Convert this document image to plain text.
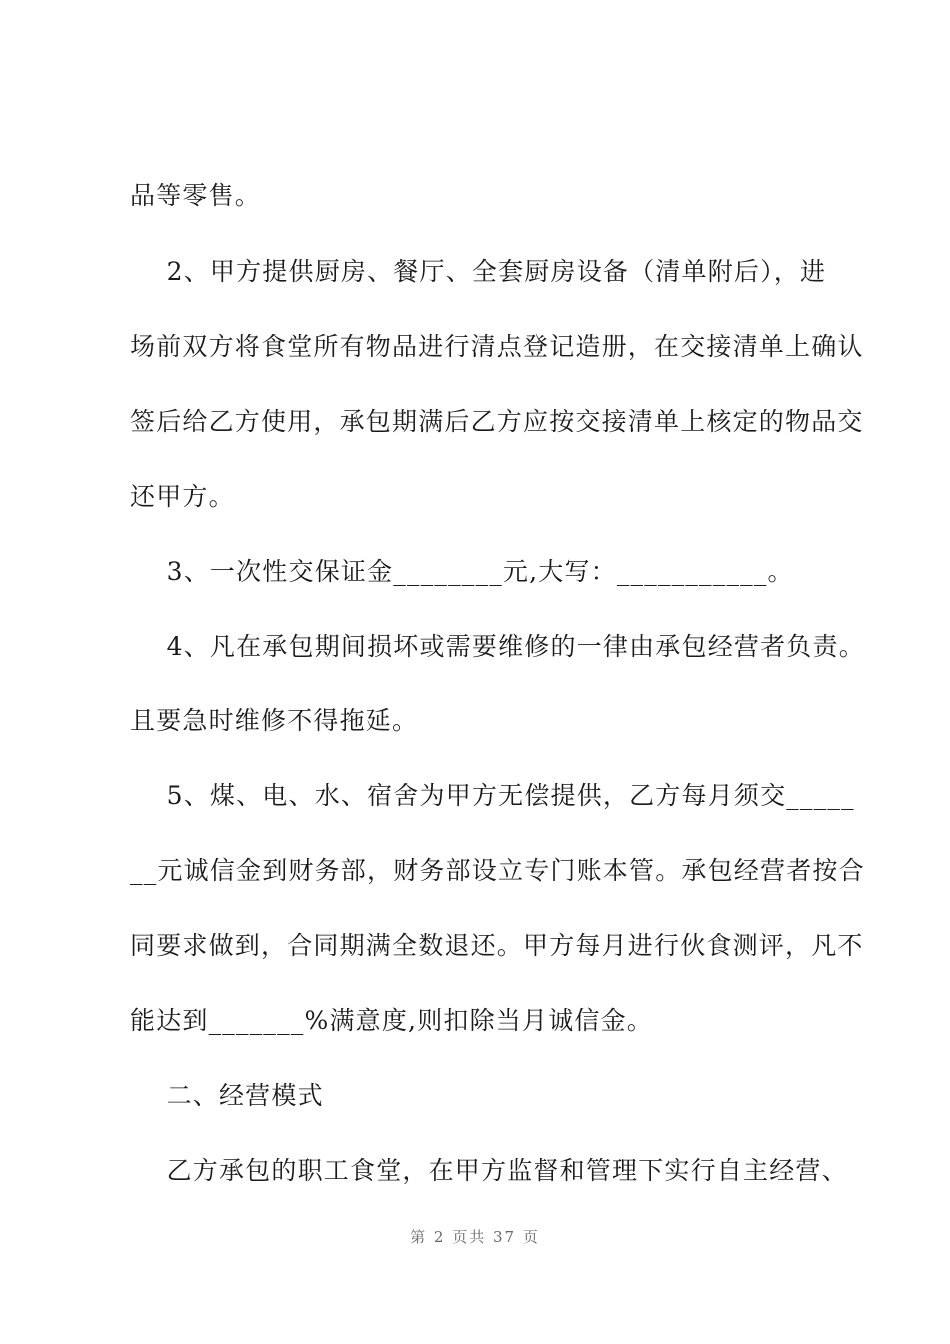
品等零售。
2、甲方提供厨房、餐厅、全套厨房设备（清单附后），进
场前双方将食堂所有物品进行清点登记造册，在交接清单上确认
签后给乙方使用，承包期满后乙方应按交接清单上核定的物品交
还甲方。
3、一次性交保证金________元,大写：___________。
4、凡在承包期间损坏或需要维修的一律由承包经营者负责。
且要急时维修不得拖延。
5、煤、电、水、宿舍为甲方无偿提供，乙方每月须交_____
__元诚信金到财务部，财务部设立专门账本管。承包经营者按合
同要求做到，合同期满全数退还。甲方每月进行伙食测评，凡不
能达到_______%满意度,则扣除当月诚信金。
二、经营模式
乙方承包的职工食堂，在甲方监督和管理下实行自主经营、
第 2 页共 37 页
